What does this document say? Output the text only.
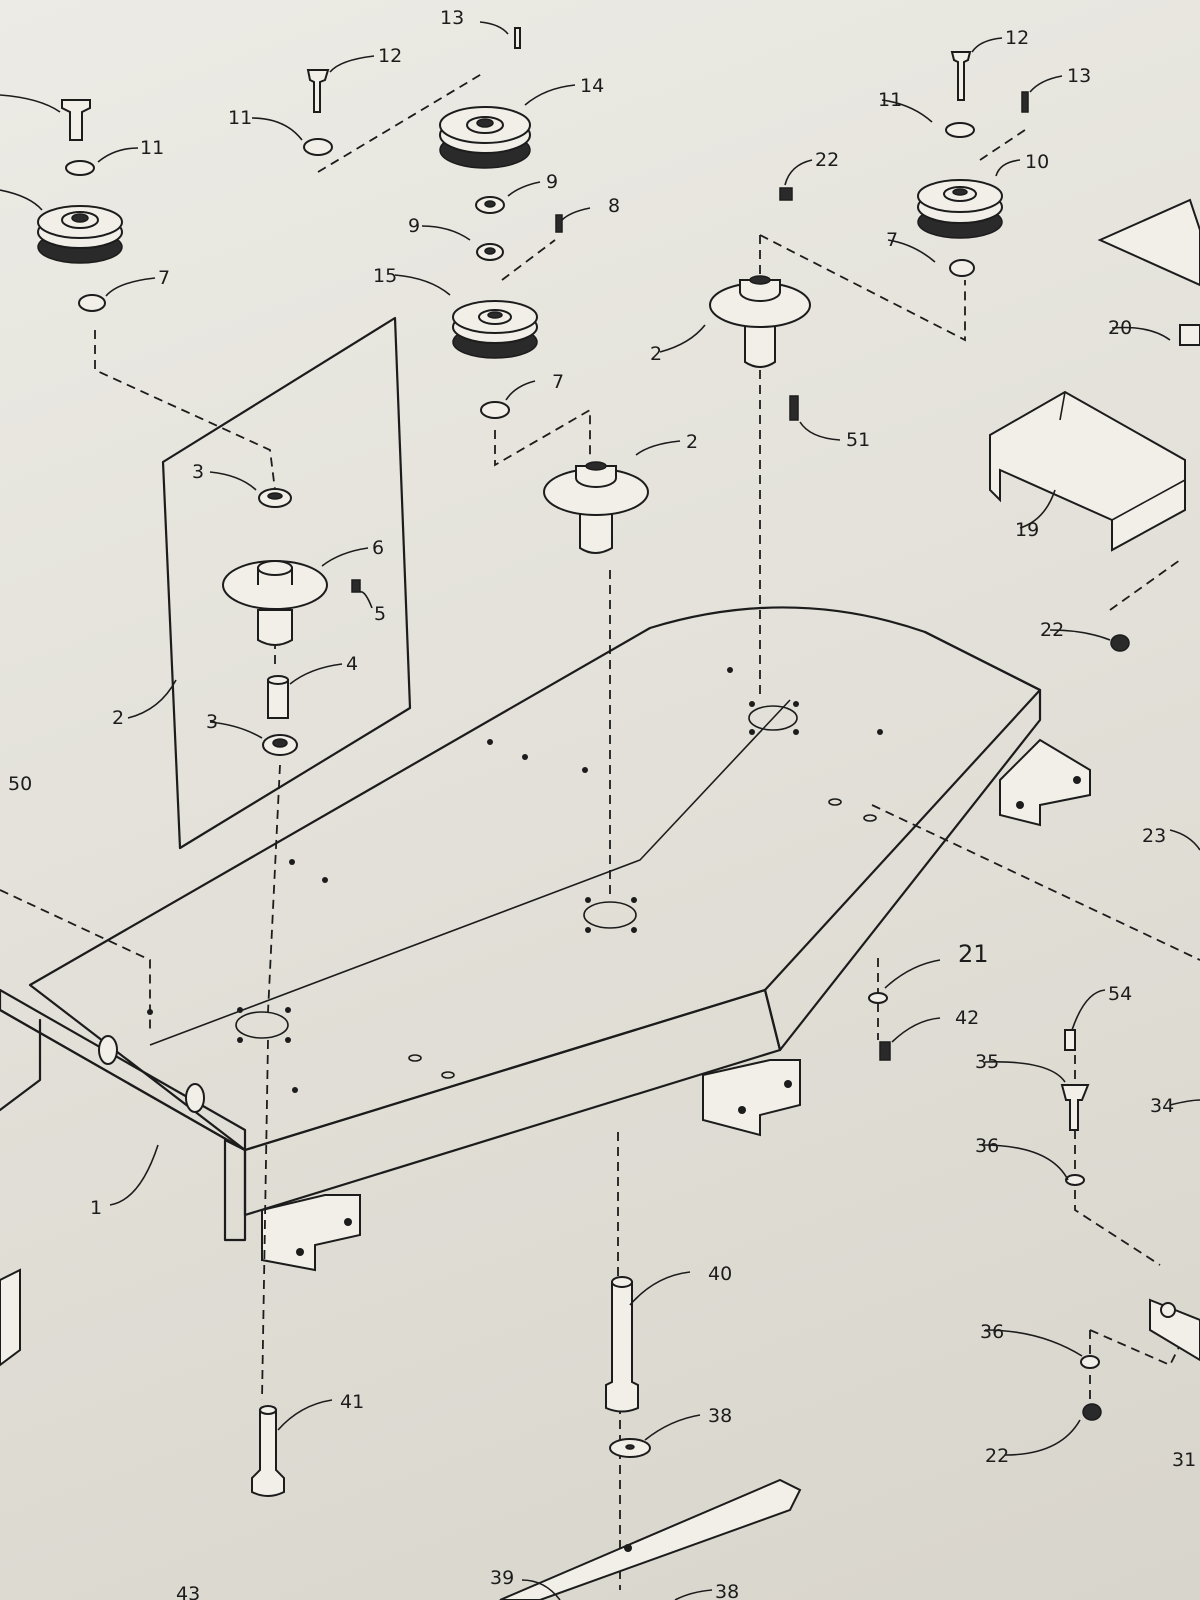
13
12
11
14
11
9
8
9
7	15
7
2
22
12
13
11
10
7
2
51
20
19
22
3
6
5
4
3
2
50
23
21
42
54
35
34
36
1
40
41
38
36
22	31
39
43	38
